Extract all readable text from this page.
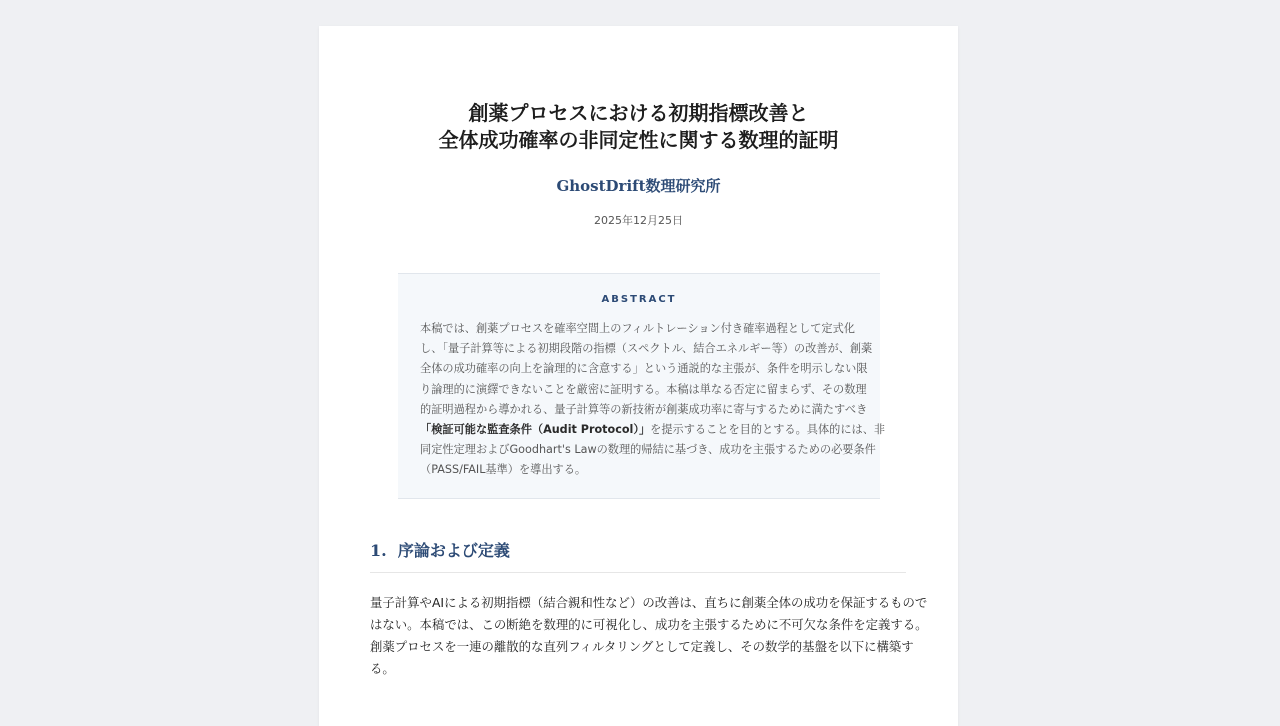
創薬プロセスにおける初期指標改善と
全体成功確率の非同定性に関する数理的証明
GhostDrift数理研究所
2025年12月25日
ABSTRACT
本稿では、創薬プロセスを確率空間上のフィルトレーション付き確率過程として定式化
し、「量子計算等による初期段階の指標（スペクトル、結合エネルギー等）の改善が、創薬
全体の成功確率の向上を論理的に含意する」という通説的な主張が、条件を明示しない限
り論理的に演繹できないことを厳密に証明する。本稿は単なる否定に留まらず、その数理
的証明過程から導かれる、量子計算等の新技術が創薬成功率に寄与するために満たすべき
「検証可能な監査条件（Audit Protocol）」を提示することを目的とする。具体的には、非
同定性定理およびGoodhart's Lawの数理的帰結に基づき、成功を主張するための必要条件
（PASS/FAIL基準）を導出する。
1. 序論および定義
量子計算やAIによる初期指標（結合親和性など）の改善は、直ちに創薬全体の成功を保証するもので
はない。本稿では、この断絶を数理的に可視化し、成功を主張するために不可欠な条件を定義する。
創薬プロセスを一連の離散的な直列フィルタリングとして定義し、その数学的基盤を以下に構築す
る。
